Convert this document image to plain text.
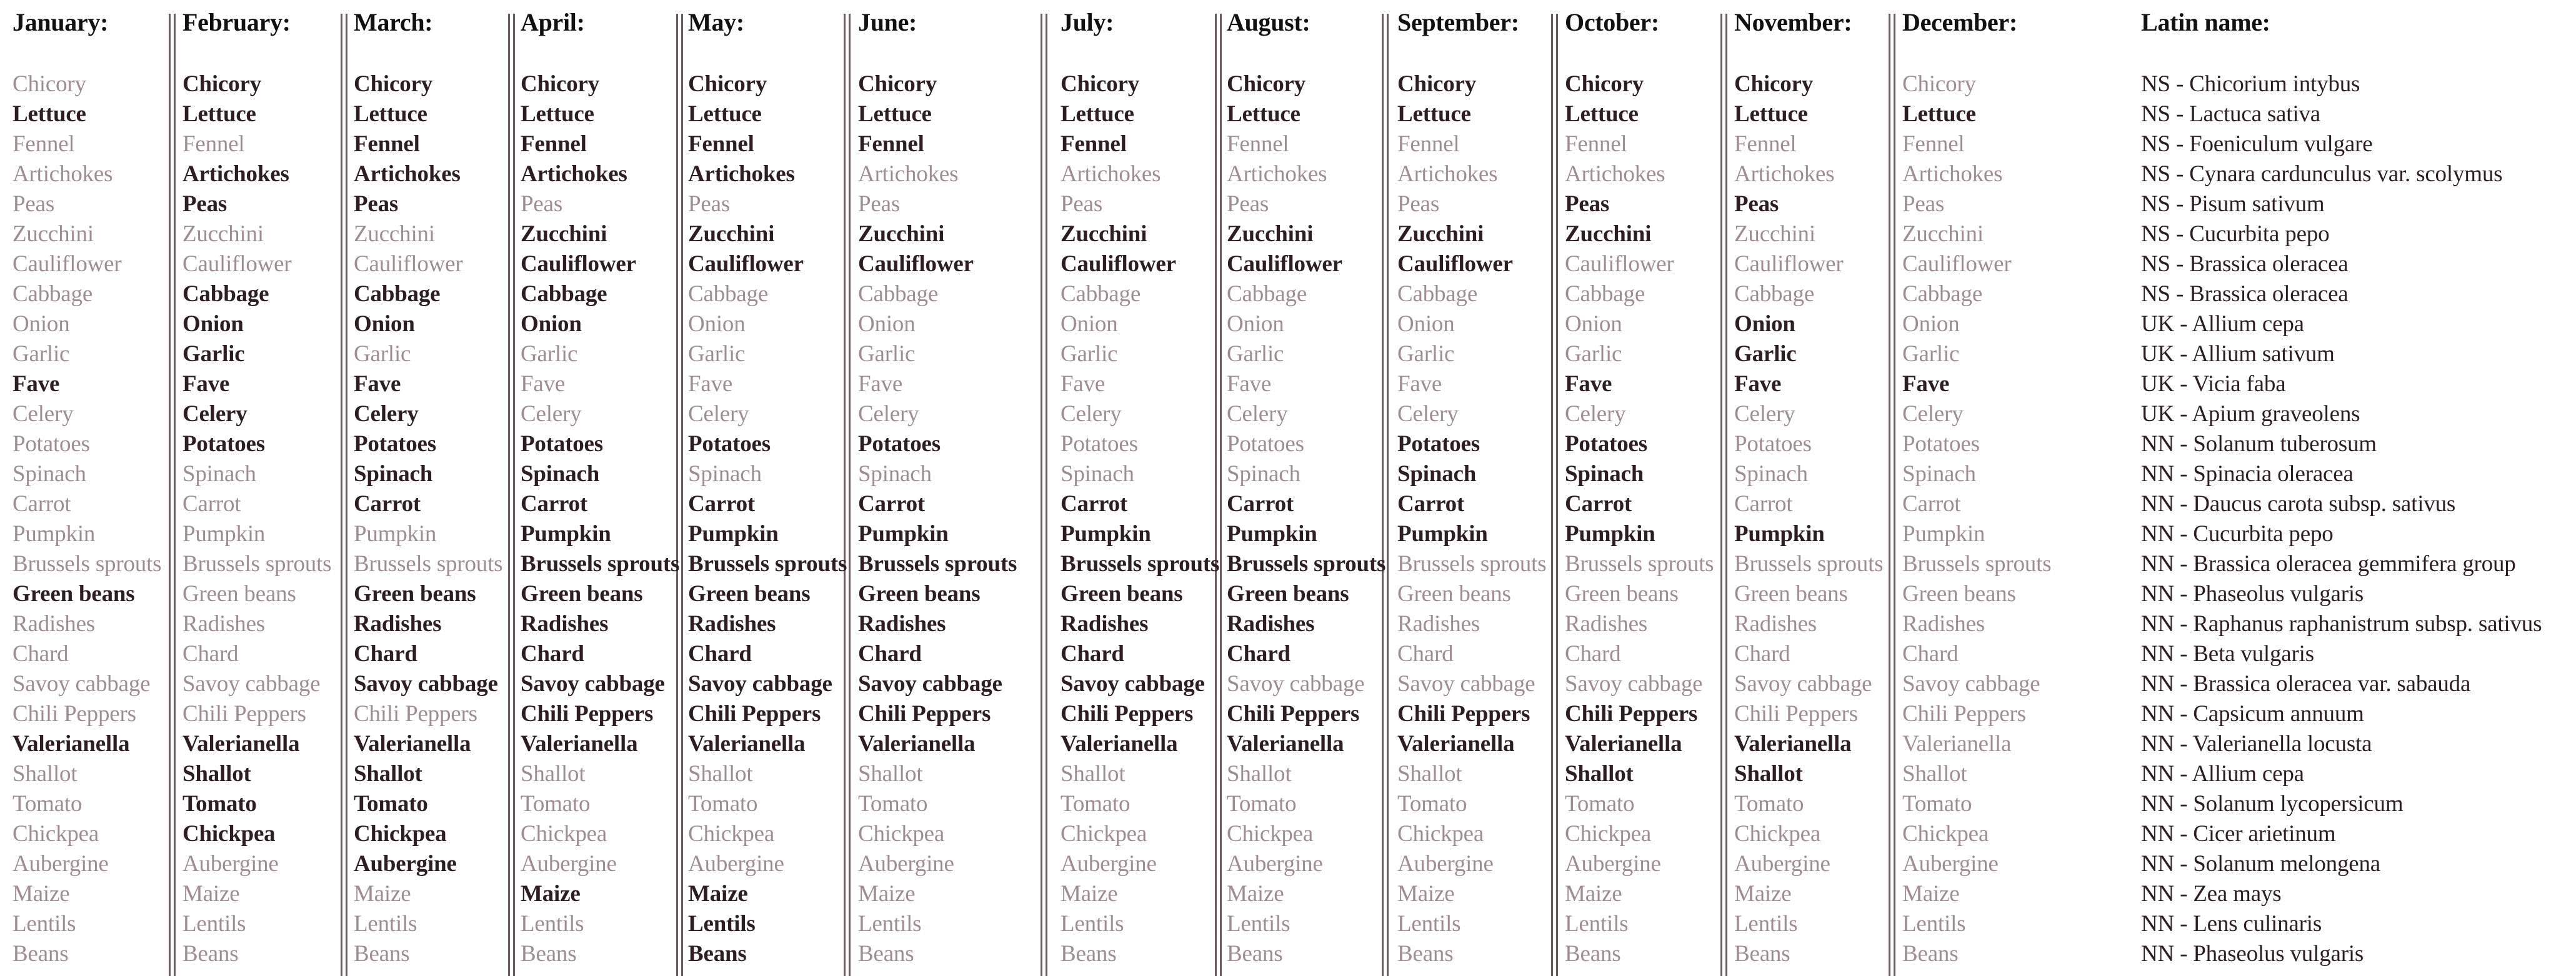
January:
Chicory
Lettuce
Fennel
Artichokes
Peas
Zucchini
Cauliflower
Cabbage
Onion
Garlic
Fave
Celery
Potatoes
Spinach
Carrot
Pumpkin
Brussels sprouts
Green beans
Radishes
Chard
Savoy cabbage
Chili Peppers
Valerianella
Shallot
Tomato
Chickpea
Aubergine
Maize
Lentils
Beans
February:
Chicory
Lettuce
Fennel
Artichokes
Peas
Zucchini
Cauliflower
Cabbage
Onion
Garlic
Fave
Celery
Potatoes
Spinach
Carrot
Pumpkin
Brussels sprouts
Green beans
Radishes
Chard
Savoy cabbage
Chili Peppers
Valerianella
Shallot
Tomato
Chickpea
Aubergine
Maize
Lentils
Beans
March:
Chicory
Lettuce
Fennel
Artichokes
Peas
Zucchini
Cauliflower
Cabbage
Onion
Garlic
Fave
Celery
Potatoes
Spinach
Carrot
Pumpkin
Brussels sprouts
Green beans
Radishes
Chard
Savoy cabbage
Chili Peppers
Valerianella
Shallot
Tomato
Chickpea
Aubergine
Maize
Lentils
Beans
April:
Chicory
Lettuce
Fennel
Artichokes
Peas
Zucchini
Cauliflower
Cabbage
Onion
Garlic
Fave
Celery
Potatoes
Spinach
Carrot
Pumpkin
Brussels sprouts
Green beans
Radishes
Chard
Savoy cabbage
Chili Peppers
Valerianella
Shallot
Tomato
Chickpea
Aubergine
Maize
Lentils
Beans
May:
Chicory
Lettuce
Fennel
Artichokes
Peas
Zucchini
Cauliflower
Cabbage
Onion
Garlic
Fave
Celery
Potatoes
Spinach
Carrot
Pumpkin
Brussels sprouts
Green beans
Radishes
Chard
Savoy cabbage
Chili Peppers
Valerianella
Shallot
Tomato
Chickpea
Aubergine
Maize
Lentils
Beans
June:
Chicory
Lettuce
Fennel
Artichokes
Peas
Zucchini
Cauliflower
Cabbage
Onion
Garlic
Fave
Celery
Potatoes
Spinach
Carrot
Pumpkin
Brussels sprouts
Green beans
Radishes
Chard
Savoy cabbage
Chili Peppers
Valerianella
Shallot
Tomato
Chickpea
Aubergine
Maize
Lentils
Beans
July:
Chicory
Lettuce
Fennel
Artichokes
Peas
Zucchini
Cauliflower
Cabbage
Onion
Garlic
Fave
Celery
Potatoes
Spinach
Carrot
Pumpkin
Brussels sprouts
Green beans
Radishes
Chard
Savoy cabbage
Chili Peppers
Valerianella
Shallot
Tomato
Chickpea
Aubergine
Maize
Lentils
Beans
August:
Chicory
Lettuce
Fennel
Artichokes
Peas
Zucchini
Cauliflower
Cabbage
Onion
Garlic
Fave
Celery
Potatoes
Spinach
Carrot
Pumpkin
Brussels sprouts
Green beans
Radishes
Chard
Savoy cabbage
Chili Peppers
Valerianella
Shallot
Tomato
Chickpea
Aubergine
Maize
Lentils
Beans
September:
Chicory
Lettuce
Fennel
Artichokes
Peas
Zucchini
Cauliflower
Cabbage
Onion
Garlic
Fave
Celery
Potatoes
Spinach
Carrot
Pumpkin
Brussels sprouts
Green beans
Radishes
Chard
Savoy cabbage
Chili Peppers
Valerianella
Shallot
Tomato
Chickpea
Aubergine
Maize
Lentils
Beans
October:
Chicory
Lettuce
Fennel
Artichokes
Peas
Zucchini
Cauliflower
Cabbage
Onion
Garlic
Fave
Celery
Potatoes
Spinach
Carrot
Pumpkin
Brussels sprouts
Green beans
Radishes
Chard
Savoy cabbage
Chili Peppers
Valerianella
Shallot
Tomato
Chickpea
Aubergine
Maize
Lentils
Beans
November:
Chicory
Lettuce
Fennel
Artichokes
Peas
Zucchini
Cauliflower
Cabbage
Onion
Garlic
Fave
Celery
Potatoes
Spinach
Carrot
Pumpkin
Brussels sprouts
Green beans
Radishes
Chard
Savoy cabbage
Chili Peppers
Valerianella
Shallot
Tomato
Chickpea
Aubergine
Maize
Lentils
Beans
December:
Chicory
Lettuce
Fennel
Artichokes
Peas
Zucchini
Cauliflower
Cabbage
Onion
Garlic
Fave
Celery
Potatoes
Spinach
Carrot
Pumpkin
Brussels sprouts
Green beans
Radishes
Chard
Savoy cabbage
Chili Peppers
Valerianella
Shallot
Tomato
Chickpea
Aubergine
Maize
Lentils
Beans
Latin name:
NS - Chicorium intybus
NS - Lactuca sativa
NS - Foeniculum vulgare
NS - Cynara cardunculus var. scolymus
NS - Pisum sativum
NS - Cucurbita pepo
NS - Brassica oleracea
NS - Brassica oleracea
UK - Allium cepa
UK - Allium sativum
UK - Vicia faba
UK - Apium graveolens
NN - Solanum tuberosum
NN - Spinacia oleracea
NN - Daucus carota subsp. sativus
NN - Cucurbita pepo
NN - Brassica oleracea gemmifera group
NN - Phaseolus vulgaris
NN - Raphanus raphanistrum subsp. sativus
NN - Beta vulgaris
NN - Brassica oleracea var. sabauda
NN - Capsicum annuum
NN - Valerianella locusta
NN - Allium cepa
NN - Solanum lycopersicum
NN - Cicer arietinum
NN - Solanum melongena
NN - Zea mays
NN - Lens culinaris
NN - Phaseolus vulgaris
